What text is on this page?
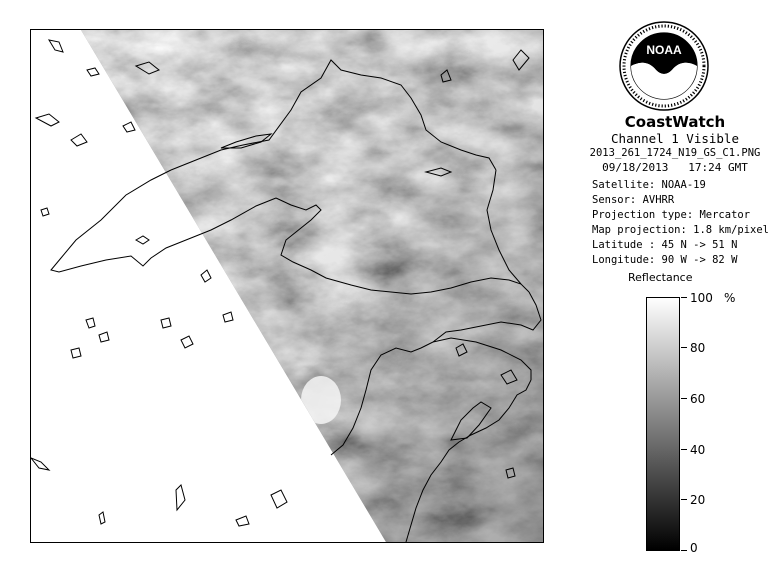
NOAA
CoastWatch
Channel 1 Visible
2013_261_1724_N19_GS_C1.PNG
09/18/2013 17:24 GMT
Satellite: NOAA-19
Sensor: AVHRR
Projection type: Mercator
Map projection: 1.8 km/pixel
Latitude : 45 N -> 51 N
Longitude: 90 W -> 82 W
Reflectance
%
100
80
60
40
20
0
